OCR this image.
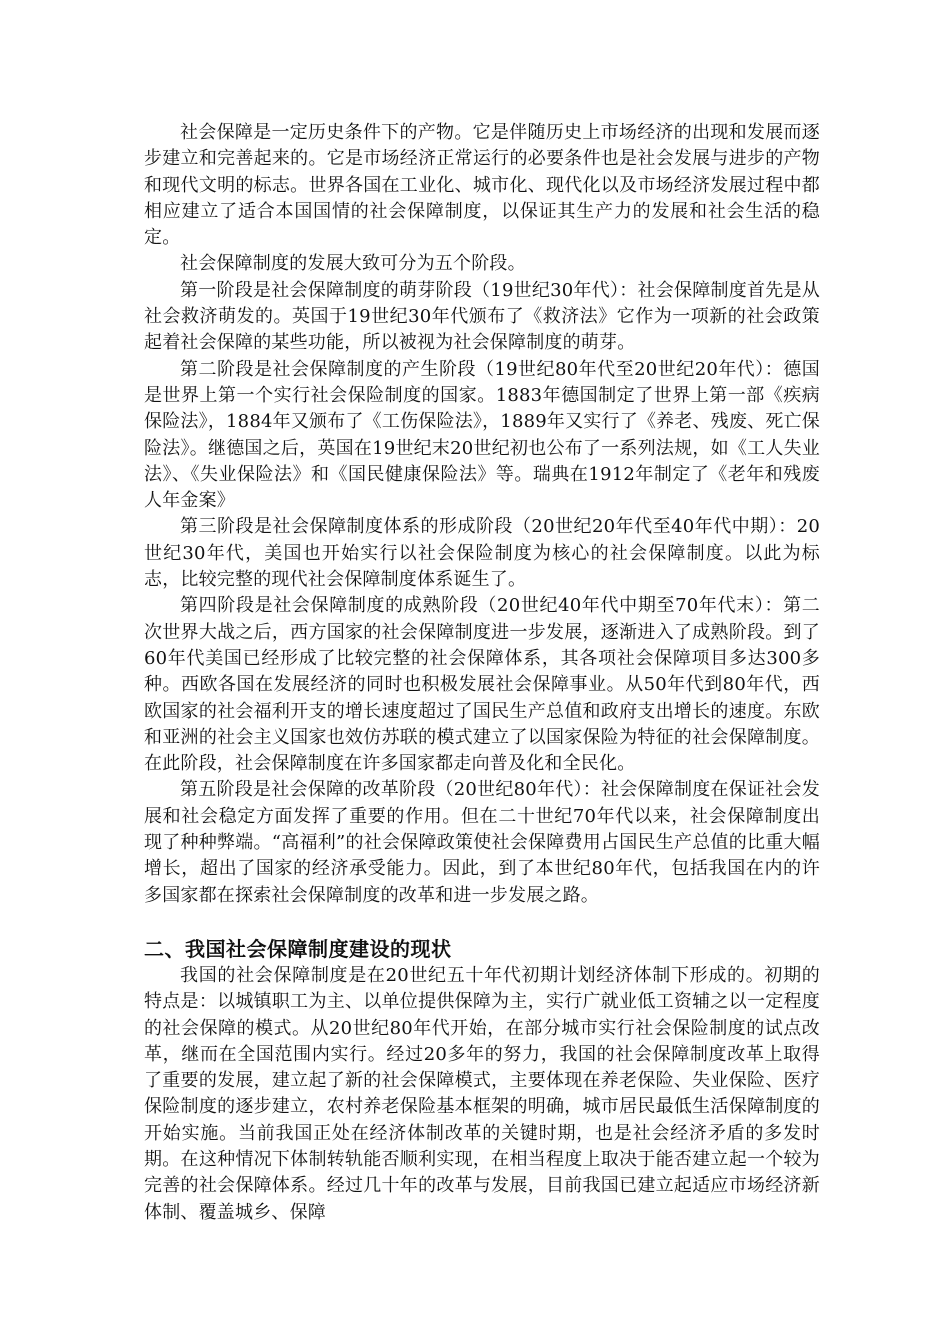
社会保障是一定历史条件下的产物。它是伴随历史上市场经济的出现和发展而逐步建立和完善起来的。它是市场经济正常运行的必要条件也是社会发展与进步的产物和现代文明的标志。世界各国在工业化、城市化、现代化以及市场经济发展过程中都相应建立了适合本国国情的社会保障制度，以保证其生产力的发展和社会生活的稳定。

社会保障制度的发展大致可分为五个阶段。

第一阶段是社会保障制度的萌芽阶段（19世纪30年代）：社会保障制度首先是从社会救济萌发的。英国于19世纪30年代颁布了《救济法》它作为一项新的社会政策起着社会保障的某些功能，所以被视为社会保障制度的萌芽。

第二阶段是社会保障制度的产生阶段（19世纪80年代至20世纪20年代）：德国是世界上第一个实行社会保险制度的国家。1883年德国制定了世界上第一部《疾病保险法》，1884年又颁布了《工伤保险法》，1889年又实行了《养老、残废、死亡保险法》。继德国之后，英国在19世纪末20世纪初也公布了一系列法规，如《工人失业法》、《失业保险法》和《国民健康保险法》等。瑞典在1912年制定了《老年和残废人年金案》

第三阶段是社会保障制度体系的形成阶段（20世纪20年代至40年代中期）：20世纪30年代，美国也开始实行以社会保险制度为核心的社会保障制度。以此为标志，比较完整的现代社会保障制度体系诞生了。

第四阶段是社会保障制度的成熟阶段（20世纪40年代中期至70年代末）：第二次世界大战之后，西方国家的社会保障制度进一步发展，逐渐进入了成熟阶段。到了60年代美国已经形成了比较完整的社会保障体系，其各项社会保障项目多达300多种。西欧各国在发展经济的同时也积极发展社会保障事业。从50年代到80年代，西欧国家的社会福利开支的增长速度超过了国民生产总值和政府支出增长的速度。东欧和亚洲的社会主义国家也效仿苏联的模式建立了以国家保险为特征的社会保障制度。在此阶段，社会保障制度在许多国家都走向普及化和全民化。

第五阶段是社会保障的改革阶段（20世纪80年代）：社会保障制度在保证社会发展和社会稳定方面发挥了重要的作用。但在二十世纪70年代以来，社会保障制度出现了种种弊端。“高福利”的社会保障政策使社会保障费用占国民生产总值的比重大幅增长，超出了国家的经济承受能力。因此，到了本世纪80年代，包括我国在内的许多国家都在探索社会保障制度的改革和进一步发展之路。

二、我国社会保障制度建设的现状

我国的社会保障制度是在20世纪五十年代初期计划经济体制下形成的。初期的特点是：以城镇职工为主、以单位提供保障为主，实行广就业低工资辅之以一定程度的社会保障的模式。从20世纪80年代开始，在部分城市实行社会保险制度的试点改革，继而在全国范围内实行。经过20多年的努力，我国的社会保障制度改革上取得了重要的发展，建立起了新的社会保障模式，主要体现在养老保险、失业保险、医疗保险制度的逐步建立，农村养老保险基本框架的明确，城市居民最低生活保障制度的开始实施。当前我国正处在经济体制改革的关键时期，也是社会经济矛盾的多发时期。在这种情况下体制转轨能否顺利实现，在相当程度上取决于能否建立起一个较为完善的社会保障体系。经过几十年的改革与发展，目前我国已建立起适应市场经济新体制、覆盖城乡、保障
